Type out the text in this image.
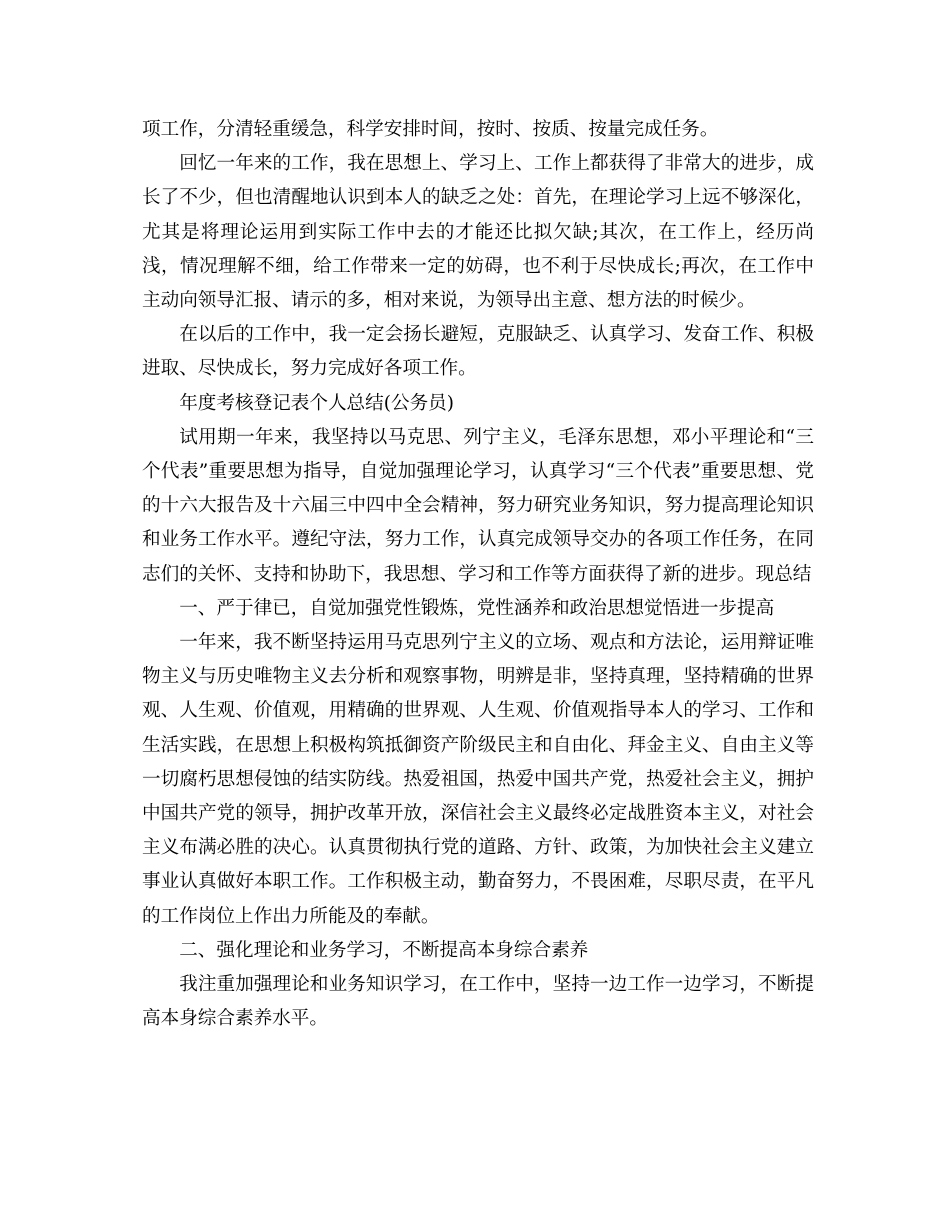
项工作，分清轻重缓急，科学安排时间，按时、按质、按量完成任务。

回忆一年来的工作，我在思想上、学习上、工作上都获得了非常大的进步，成长了不少，但也清醒地认识到本人的缺乏之处：首先，在理论学习上远不够深化，尤其是将理论运用到实际工作中去的才能还比拟欠缺;其次，在工作上，经历尚浅，情况理解不细，给工作带来一定的妨碍，也不利于尽快成长;再次，在工作中主动向领导汇报、请示的多，相对来说，为领导出主意、想方法的时候少。

在以后的工作中，我一定会扬长避短，克服缺乏、认真学习、发奋工作、积极进取、尽快成长，努力完成好各项工作。

年度考核登记表个人总结(公务员)

试用期一年来，我坚持以马克思、列宁主义，毛泽东思想，邓小平理论和“三个代表”重要思想为指导，自觉加强理论学习，认真学习“三个代表”重要思想、党的十六大报告及十六届三中四中全会精神，努力研究业务知识，努力提高理论知识和业务工作水平。遵纪守法，努力工作，认真完成领导交办的各项工作任务，在同志们的关怀、支持和协助下，我思想、学习和工作等方面获得了新的进步。现总结

一、严于律已，自觉加强党性锻炼，党性涵养和政治思想觉悟进一步提高

一年来，我不断坚持运用马克思列宁主义的立场、观点和方法论，运用辩证唯物主义与历史唯物主义去分析和观察事物，明辨是非，坚持真理，坚持精确的世界观、人生观、价值观，用精确的世界观、人生观、价值观指导本人的学习、工作和生活实践，在思想上积极构筑抵御资产阶级民主和自由化、拜金主义、自由主义等一切腐朽思想侵蚀的结实防线。热爱祖国，热爱中国共产党，热爱社会主义，拥护中国共产党的领导，拥护改革开放，深信社会主义最终必定战胜资本主义，对社会主义布满必胜的决心。认真贯彻执行党的道路、方针、政策，为加快社会主义建立事业认真做好本职工作。工作积极主动，勤奋努力，不畏困难，尽职尽责，在平凡的工作岗位上作出力所能及的奉献。

二、强化理论和业务学习，不断提高本身综合素养

我注重加强理论和业务知识学习，在工作中，坚持一边工作一边学习，不断提高本身综合素养水平。
